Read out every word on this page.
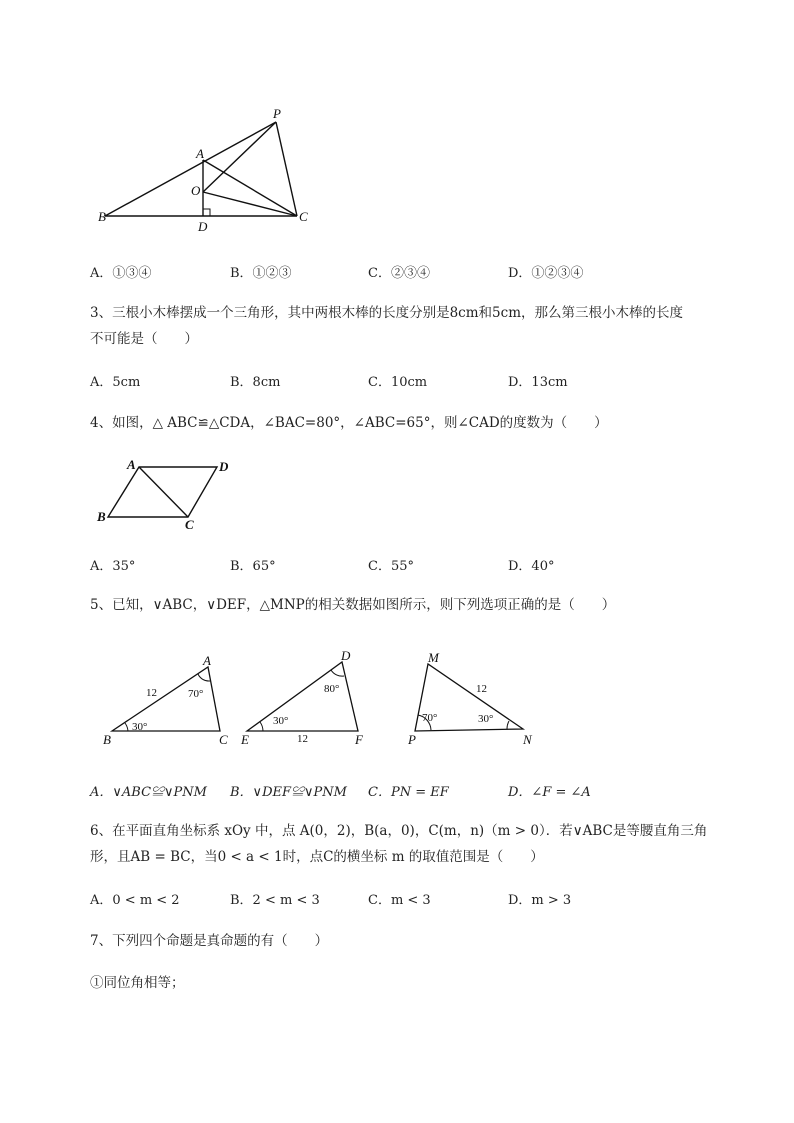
P
A
O
B
D
C
A．①③④	B．①②③	C．②③④	D．①②③④
3、三根小木棒摆成一个三角形，其中两根木棒的长度分别是8cm和5cm，那么第三根小木棒的长度
不可能是（　　）
A．5cm	B．8cm	C．10cm	D．13cm
4、如图，△ ABC≌△CDA，∠BAC=80°，∠ABC=65°，则∠CAD的度数为（　　）
A	D
B
C
A．35°	B．65°	C．55°	D．40°
5、已知，∨ABC，∨DEF，△MNP的相关数据如图所示，则下列选项正确的是（　　）
A
B	C
D
E	F
M
P	N
12	70°
30°
80°
30°
12
12
70°	30°
A．∨ABC≌∨PNM B．∨DEF≌∨PNM C．PN = EF	D．∠F = ∠A
6、在平面直角坐标系 xOy 中，点 A(0，2)，B(a，0)，C(m，n)（m > 0）．若∨ABC是等腰直角三角
形，且AB = BC，当0 < a < 1时，点C的横坐标 m 的取值范围是（　　）
A．0 < m < 2	B．2 < m < 3	C．m < 3	D．m > 3
7、下列四个命题是真命题的有（　　）
①同位角相等；
